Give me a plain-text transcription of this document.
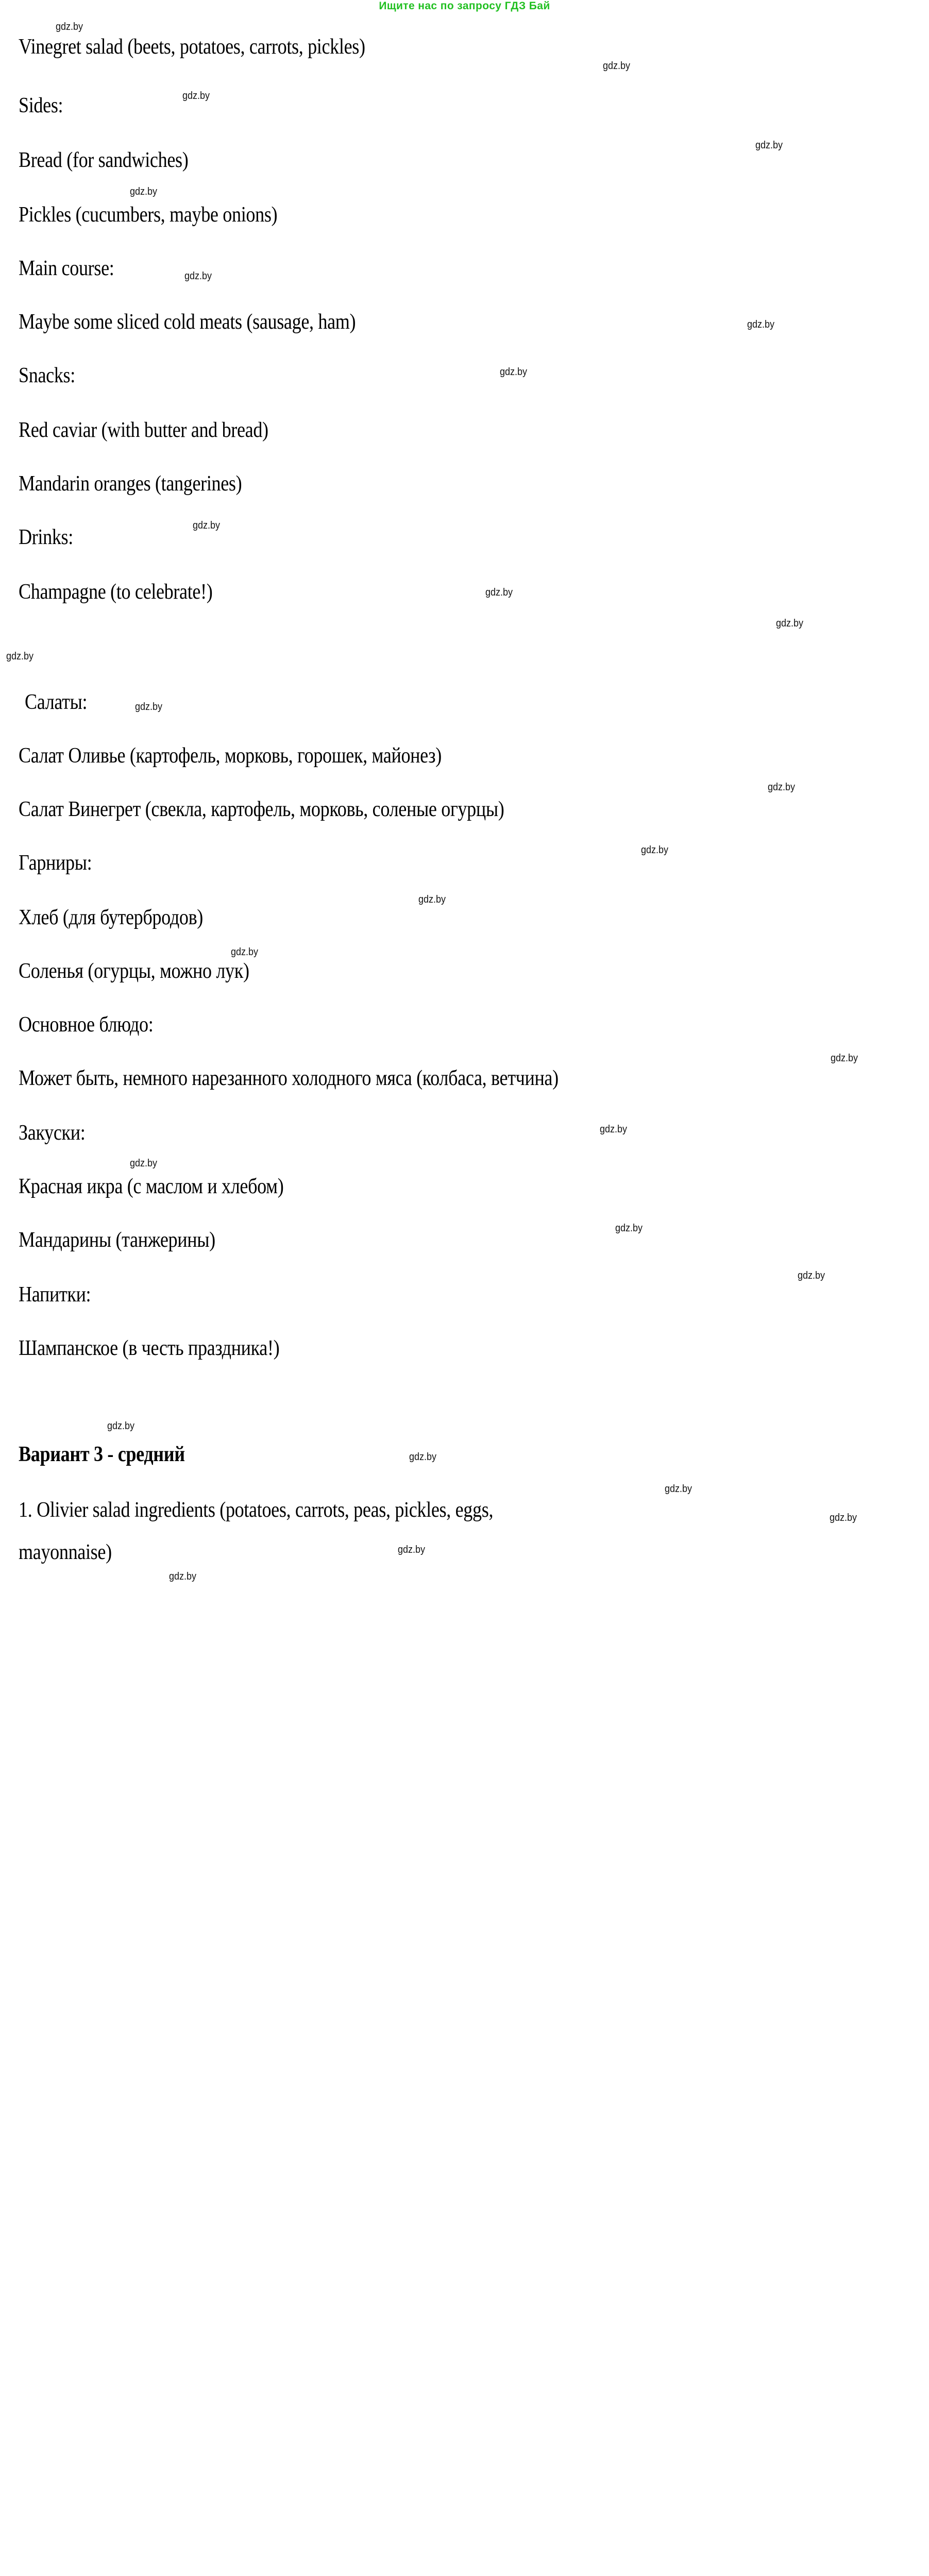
Ищите нас по запросу ГДЗ Бай
Vinegret salad (beets, potatoes, carrots, pickles)
Sides:
Bread (for sandwiches)
Pickles (cucumbers, maybe onions)
Main course:
Maybe some sliced cold meats (sausage, ham)
Snacks:
Red caviar (with butter and bread)
Mandarin oranges (tangerines)
Drinks:
Champagne (to celebrate!)
Салаты:
Салат Оливье (картофель, морковь, горошек, майонез)
Салат Винегрет (свекла, картофель, морковь, соленые огурцы)
Гарниры:
Хлеб (для бутербродов)
Соленья (огурцы, можно лук)
Основное блюдо:
Может быть, немного нарезанного холодного мяса (колбаса, ветчина)
Закуски:
Красная икра (с маслом и хлебом)
Мандарины (танжерины)
Напитки:
Шампанское (в честь праздника!)
Вариант 3 - средний
1. Olivier salad ingredients (potatoes, carrots, peas, pickles, eggs,
mayonnaise)
gdz.by
gdz.by
gdz.by
gdz.by
gdz.by
gdz.by
gdz.by
gdz.by
gdz.by
gdz.by
gdz.by
gdz.by
gdz.by
gdz.by
gdz.by
gdz.by
gdz.by
gdz.by
gdz.by
gdz.by
gdz.by
gdz.by
gdz.by
gdz.by
gdz.by
gdz.by
gdz.by
gdz.by
